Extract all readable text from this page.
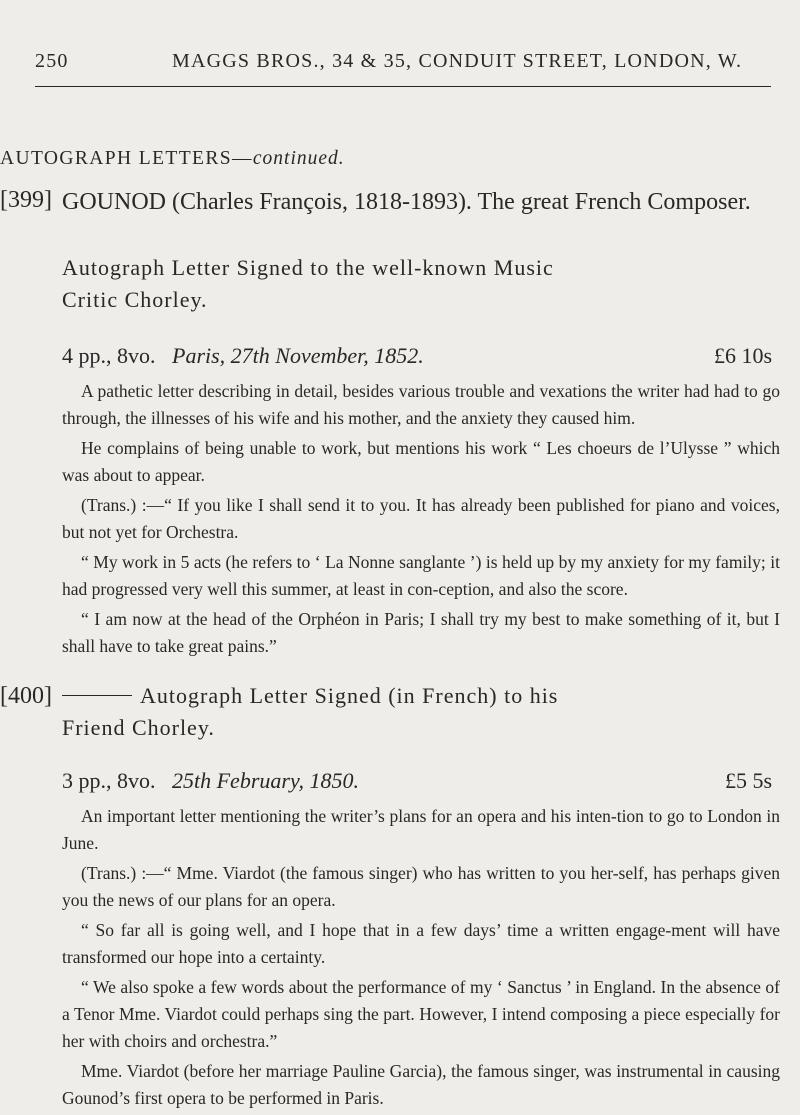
250	MAGGS BROS., 34 & 35, CONDUIT STREET, LONDON, W.
AUTOGRAPH LETTERS—continued.
[399] GOUNOD (Charles François, 1818-1893). The great French Composer.
Autograph Letter Signed to the well-known Music
Critic Chorley.
4 pp., 8vo. Paris, 27th November, 1852.	£6 10s

A pathetic letter describing in detail, besides various trouble and vexations the writer had had to go through, the illnesses of his wife and his mother, and the anxiety they caused him.

He complains of being unable to work, but mentions his work “ Les choeurs de l’Ulysse ” which was about to appear.

(Trans.) :—“ If you like I shall send it to you. It has already been published for piano and voices, but not yet for Orchestra.

“ My work in 5 acts (he refers to ‘ La Nonne sanglante ’) is held up by my anxiety for my family; it had progressed very well this summer, at least in con-ception, and also the score.

“ I am now at the head of the Orphéon in Paris; I shall try my best to make something of it, but I shall have to take great pains.”

[400]	Autograph Letter Signed (in French) to his
Friend Chorley.
3 pp., 8vo. 25th February, 1850.	£5 5s

An important letter mentioning the writer’s plans for an opera and his inten-tion to go to London in June.

(Trans.) :—“ Mme. Viardot (the famous singer) who has written to you her-self, has perhaps given you the news of our plans for an opera.

“ So far all is going well, and I hope that in a few days’ time a written engage-ment will have transformed our hope into a certainty.

“ We also spoke a few words about the performance of my ‘ Sanctus ’ in England. In the absence of a Tenor Mme. Viardot could perhaps sing the part. However, I intend composing a piece especially for her with choirs and orchestra.”

Mme. Viardot (before her marriage Pauline Garcia), the famous singer, was instrumental in causing Gounod’s first opera to be performed in Paris.
